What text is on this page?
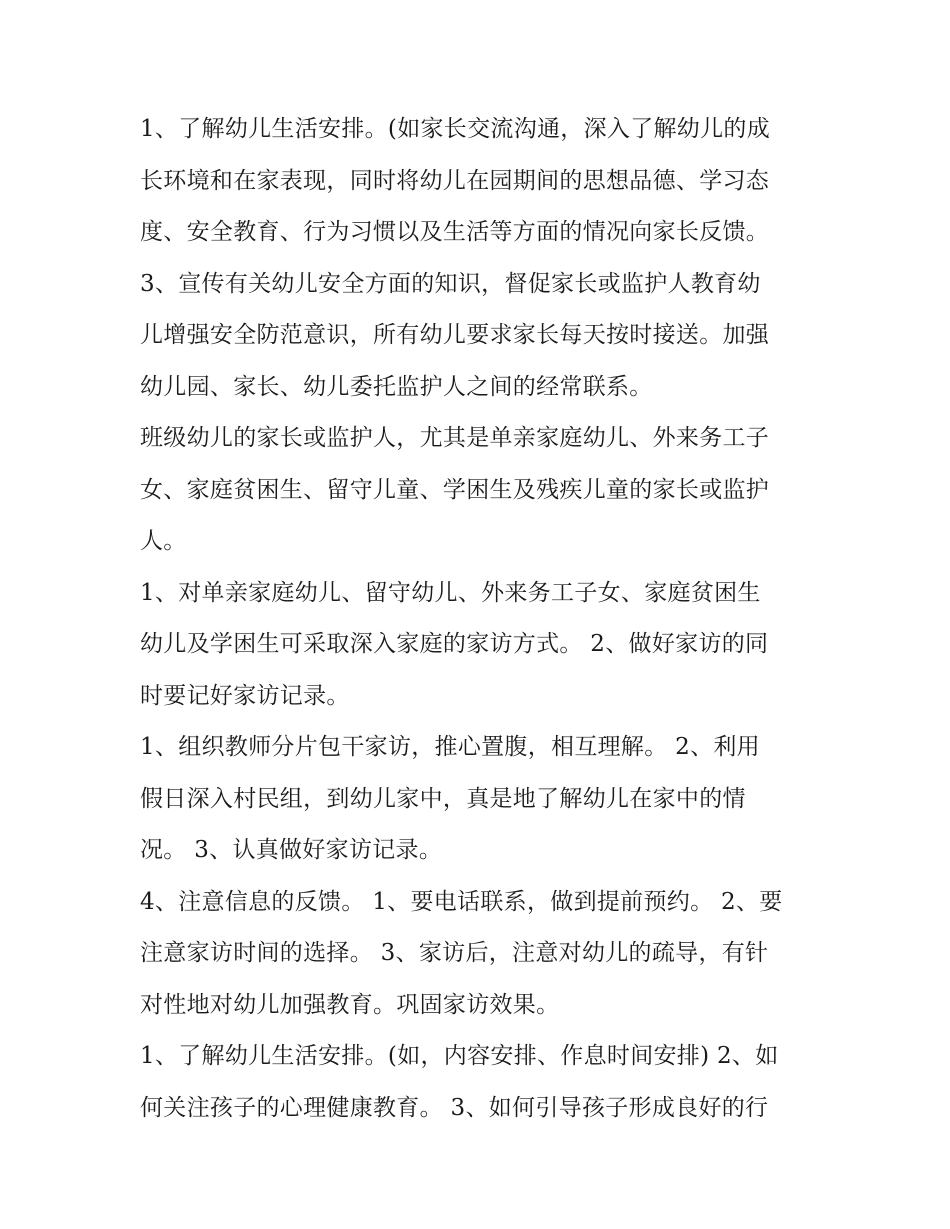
1、了解幼儿生活安排。(如家长交流沟通，深入了解幼儿的成
长环境和在家表现，同时将幼儿在园期间的思想品德、学习态
度、安全教育、行为习惯以及生活等方面的情况向家长反馈。

3、宣传有关幼儿安全方面的知识，督促家长或监护人教育幼
儿增强安全防范意识，所有幼儿要求家长每天按时接送。加强
幼儿园、家长、幼儿委托监护人之间的经常联系。

班级幼儿的家长或监护人，尤其是单亲家庭幼儿、外来务工子
女、家庭贫困生、留守儿童、学困生及残疾儿童的家长或监护
人。

1、对单亲家庭幼儿、留守幼儿、外来务工子女、家庭贫困生
幼儿及学困生可采取深入家庭的家访方式。 2、做好家访的同
时要记好家访记录。

1、组织教师分片包干家访，推心置腹，相互理解。 2、利用
假日深入村民组，到幼儿家中，真是地了解幼儿在家中的情
况。 3、认真做好家访记录。

4、注意信息的反馈。 1、要电话联系，做到提前预约。 2、要
注意家访时间的选择。 3、家访后，注意对幼儿的疏导，有针
对性地对幼儿加强教育。巩固家访效果。

1、了解幼儿生活安排。(如，内容安排、作息时间安排) 2、如
何关注孩子的心理健康教育。 3、如何引导孩子形成良好的行
